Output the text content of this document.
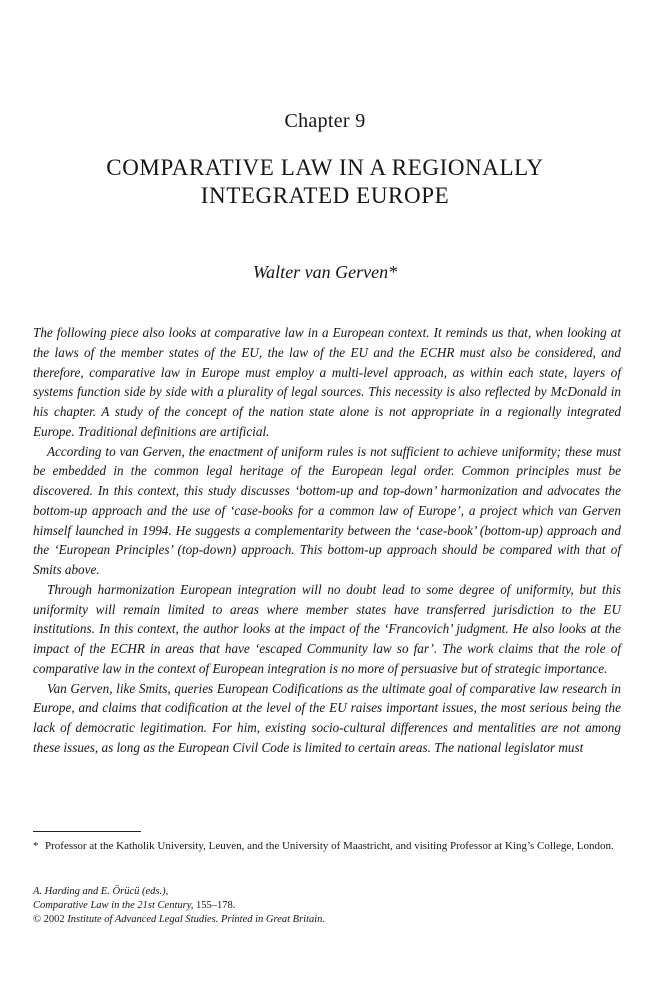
Chapter 9
COMPARATIVE LAW IN A REGIONALLY
INTEGRATED EUROPE
Walter van Gerven*

The following piece also looks at comparative law in a European context. It reminds us that, when looking at the laws of the member states of the EU, the law of the EU and the ECHR must also be considered, and therefore, comparative law in Europe must employ a multi-level approach, as within each state, layers of systems function side by side with a plurality of legal sources. This necessity is also reflected by McDonald in his chapter. A study of the concept of the nation state alone is not appropriate in a regionally integrated Europe. Traditional definitions are artificial.

According to van Gerven, the enactment of uniform rules is not sufficient to achieve uniformity; these must be embedded in the common legal heritage of the European legal order. Common principles must be discovered. In this context, this study discusses ‘bottom-up and top-down’ harmonization and advocates the bottom-up approach and the use of ‘case-books for a common law of Europe’, a project which van Gerven himself launched in 1994. He suggests a complementarity between the ‘case-book’ (bottom-up) approach and the ‘European Principles’ (top-down) approach. This bottom-up approach should be compared with that of Smits above.

Through harmonization European integration will no doubt lead to some degree of uniformity, but this uniformity will remain limited to areas where member states have transferred jurisdiction to the EU institutions. In this context, the author looks at the impact of the ‘Francovich’ judgment. He also looks at the impact of the ECHR in areas that have ‘escaped Community law so far’. The work claims that the role of comparative law in the context of European integration is no more of persuasive but of strategic importance.

Van Gerven, like Smits, queries European Codifications as the ultimate goal of comparative law research in Europe, and claims that codification at the level of the EU raises important issues, the most serious being the lack of democratic legitimation. For him, existing socio-cultural differences and mentalities are not among these issues, as long as the European Civil Code is limited to certain areas. The national legislator must

* Professor at the Katholik University, Leuven, and the University of Maastricht, and visiting Professor at King’s College, London.
A. Harding and E. Örücü (eds.),
Comparative Law in the 21st Century, 155–178.
© 2002 Institute of Advanced Legal Studies. Printed in Great Britain.
